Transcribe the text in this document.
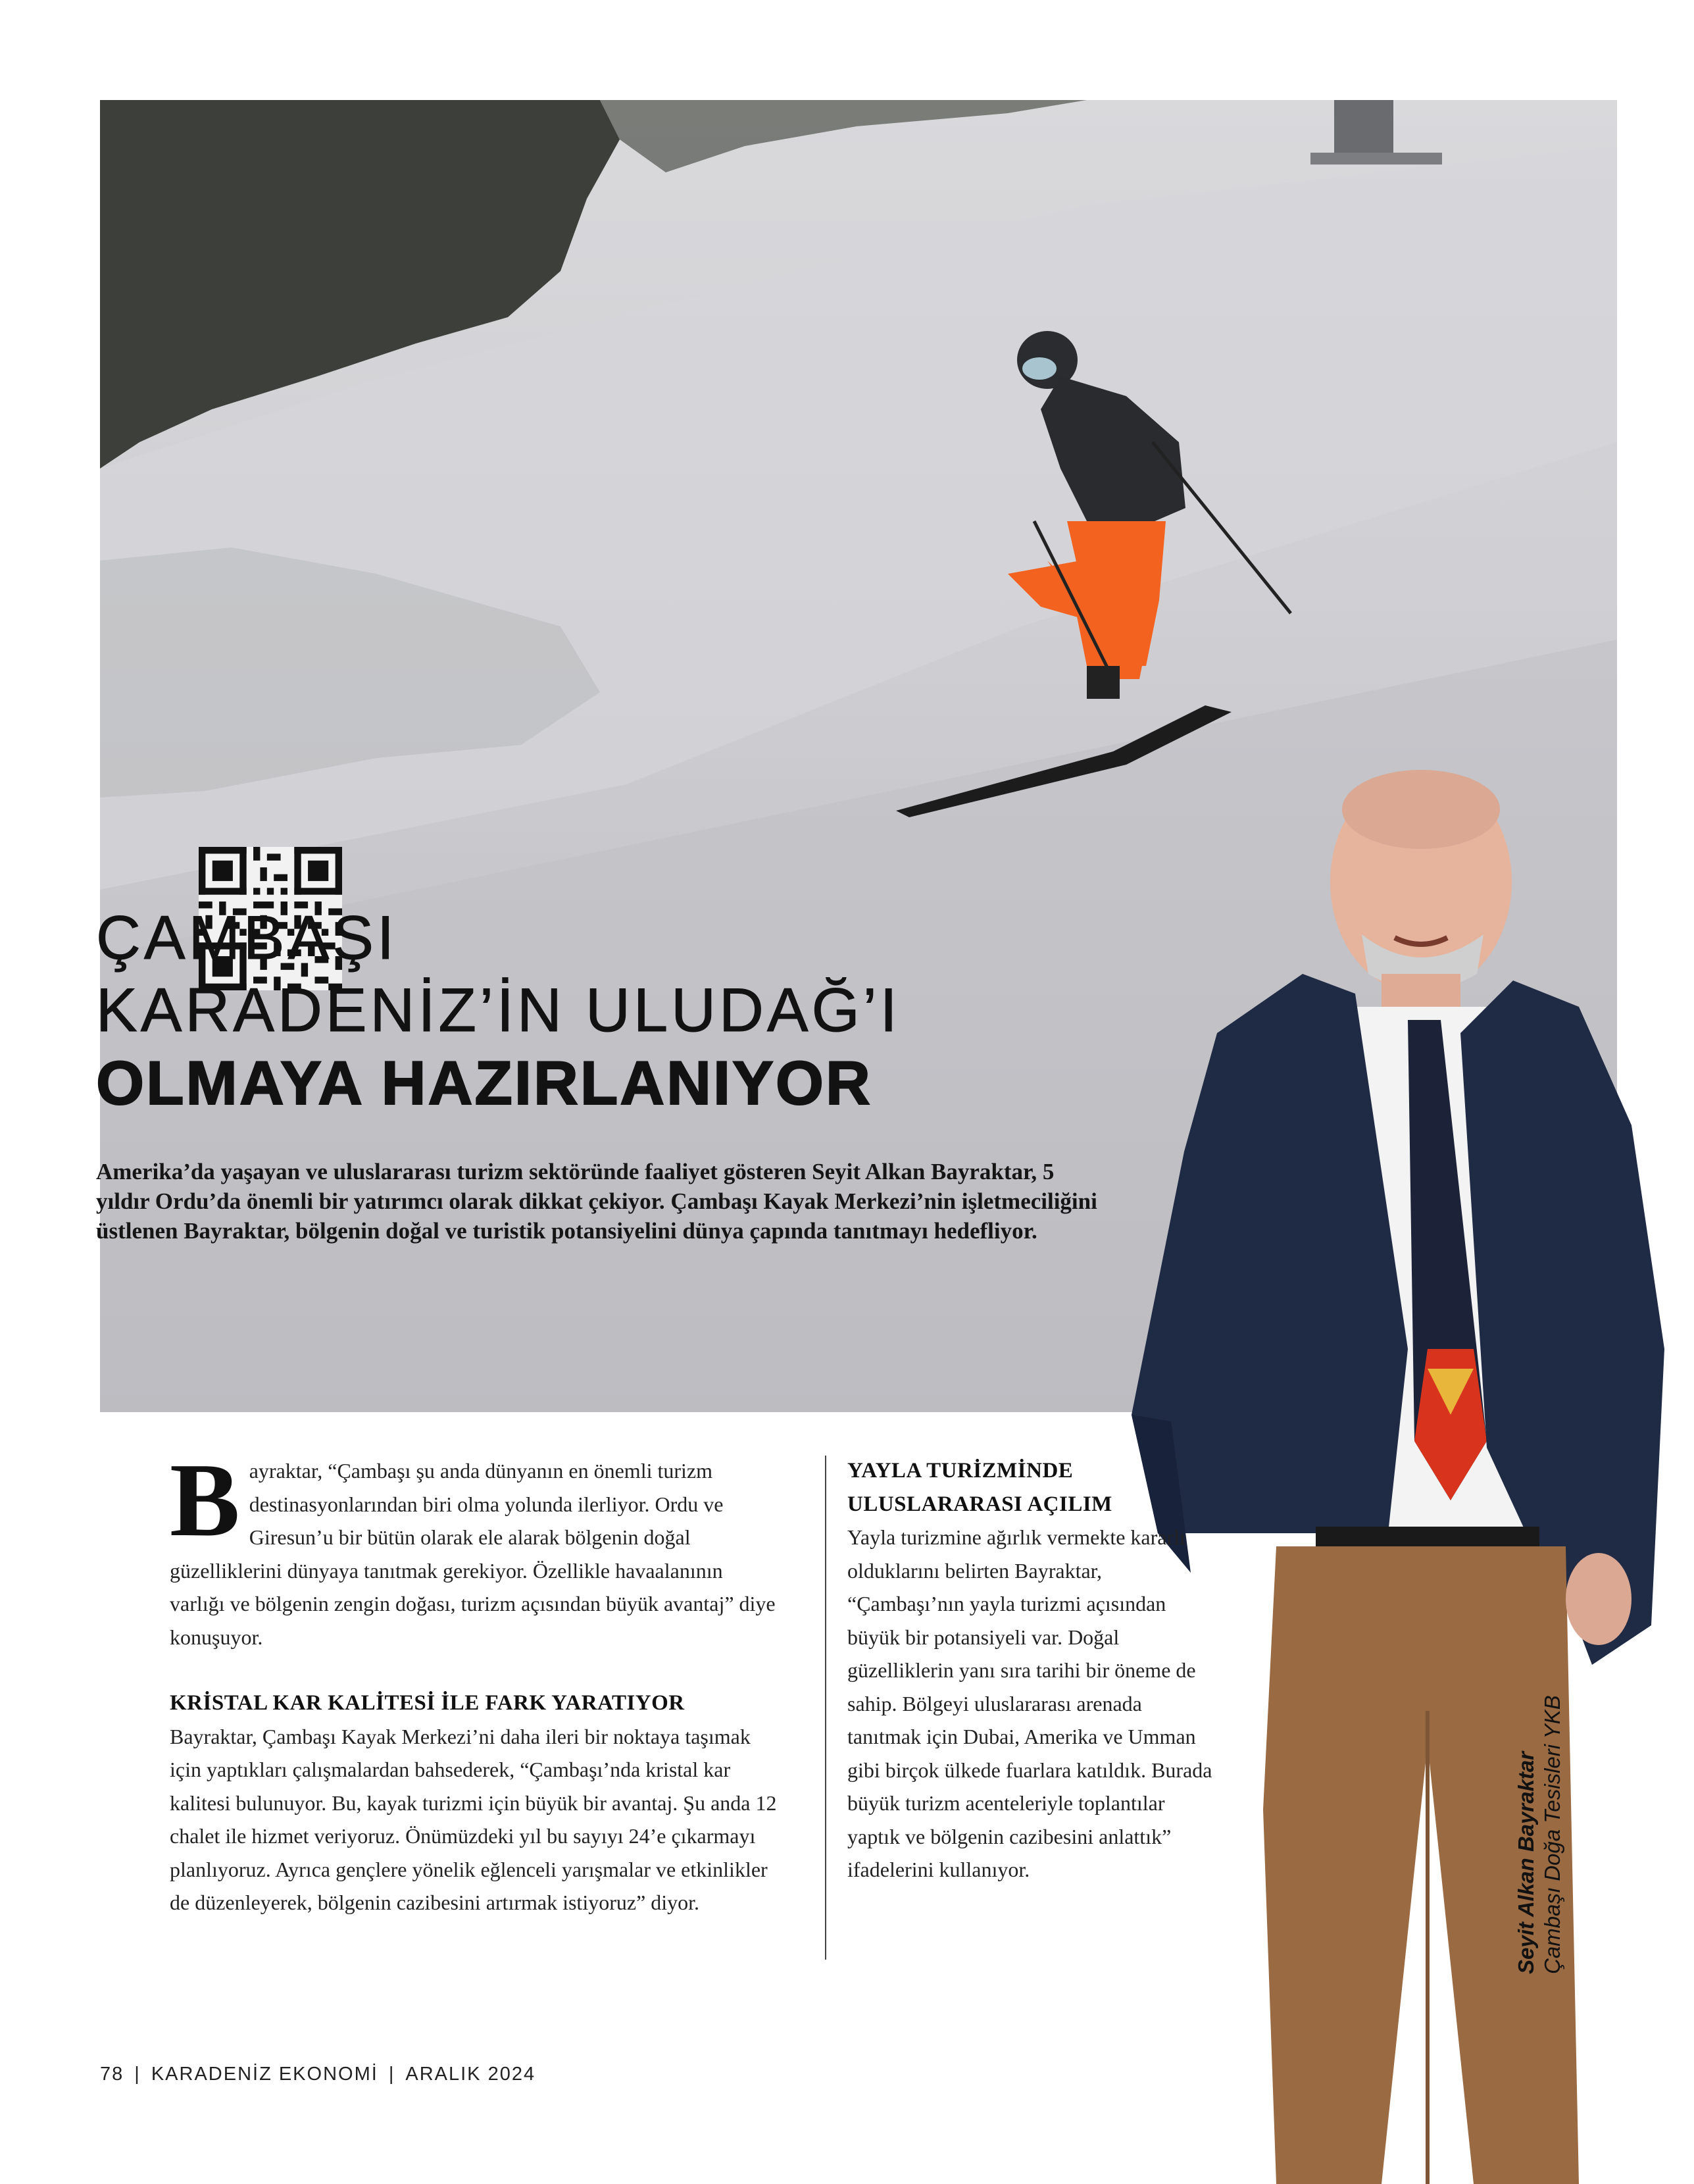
ÇAMBAŞI
KARADENİZ’İN ULUDAĞ’I
OLMAYA HAZIRLANIYOR
Amerika’da yaşayan ve uluslararası turizm sektöründe faaliyet gösteren Seyit Alkan Bayraktar, 5 yıldır Ordu’da önemli bir yatırımcı olarak dikkat çekiyor. Çambaşı Kayak Merkezi’nin işletmeciliğini üstlenen Bayraktar, bölgenin doğal ve turistik potansiyelini dünya çapında tanıtmayı hedefliyor.
B ayraktar, “Çambaşı şu anda dünyanın en önemli turizm destinasyonlarından biri olma yolunda ilerliyor. Ordu ve Giresun’u bir bütün olarak ele alarak bölgenin doğal güzelliklerini dünyaya tanıtmak gerekiyor. Özellikle havaalanının varlığı ve bölgenin zengin doğası, turizm açısından büyük avantaj” diye konuşuyor.
KRİSTAL KAR KALİTESİ İLE FARK YARATIYOR
Bayraktar, Çambaşı Kayak Merkezi’ni daha ileri bir noktaya taşımak için yaptıkları çalışmalardan bahsederek, “Çambaşı’nda kristal kar kalitesi bulunuyor. Bu, kayak turizmi için büyük bir avantaj. Şu anda 12 chalet ile hizmet veriyoruz. Önümüzdeki yıl bu sayıyı 24’e çıkarmayı planlıyoruz. Ayrıca gençlere yönelik eğlenceli yarışmalar ve etkinlikler de düzenleyerek, bölgenin cazibesini artırmak istiyoruz” diyor.
YAYLA TURİZMİNDE ULUSLARARASI AÇILIM
Yayla turizmine ağırlık vermekte kararlı olduklarını belirten Bayraktar, “Çambaşı’nın yayla turizmi açısından büyük bir potansiyeli var. Doğal güzelliklerin yanı sıra tarihi bir öneme de sahip. Bölgeyi uluslararası arenada tanıtmak için Dubai, Amerika ve Umman gibi birçok ülkede fuarlara katıldık. Burada büyük turizm acenteleriyle toplantılar yaptık ve bölgenin cazibesini anlattık” ifadelerini kullanıyor.	Seyit Alkan Bayraktar Çambaşı Doğa Tesisleri YKB
78 | KARADENİZ EKONOMİ | ARALIK 2024
